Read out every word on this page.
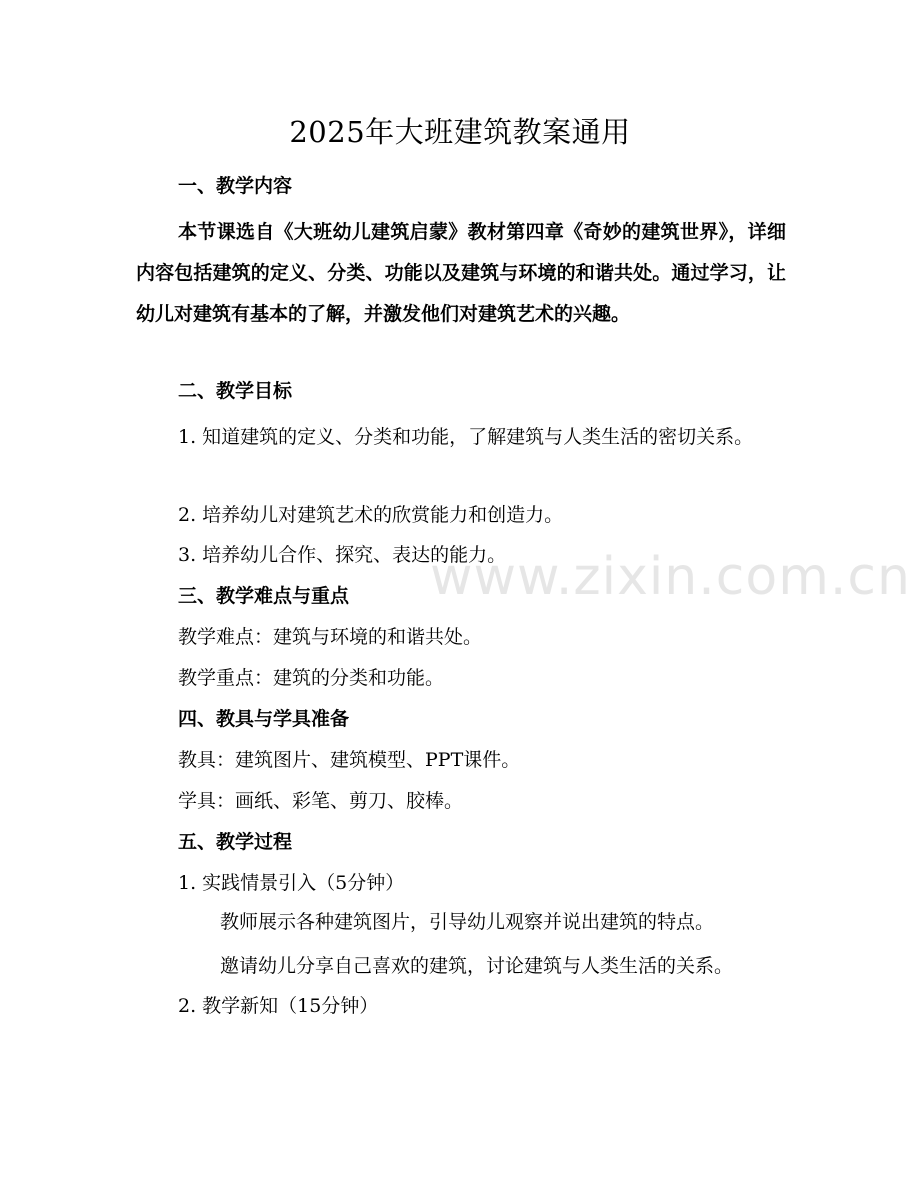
www.zixin.com.cn
2025年大班建筑教案通用
一、教学内容
本节课选自《大班幼儿建筑启蒙》教材第四章《奇妙的建筑世界》，详细内容包括建筑的定义、分类、功能以及建筑与环境的和谐共处。通过学习，让幼儿对建筑有基本的了解，并激发他们对建筑艺术的兴趣。
二、教学目标
1. 知道建筑的定义、分类和功能，了解建筑与人类生活的密切关系。
2. 培养幼儿对建筑艺术的欣赏能力和创造力。
3. 培养幼儿合作、探究、表达的能力。
三、教学难点与重点
教学难点：建筑与环境的和谐共处。
教学重点：建筑的分类和功能。
四、教具与学具准备
教具：建筑图片、建筑模型、PPT课件。
学具：画纸、彩笔、剪刀、胶棒。
五、教学过程
1. 实践情景引入（5分钟）
教师展示各种建筑图片，引导幼儿观察并说出建筑的特点。
邀请幼儿分享自己喜欢的建筑，讨论建筑与人类生活的关系。
2. 教学新知（15分钟）
